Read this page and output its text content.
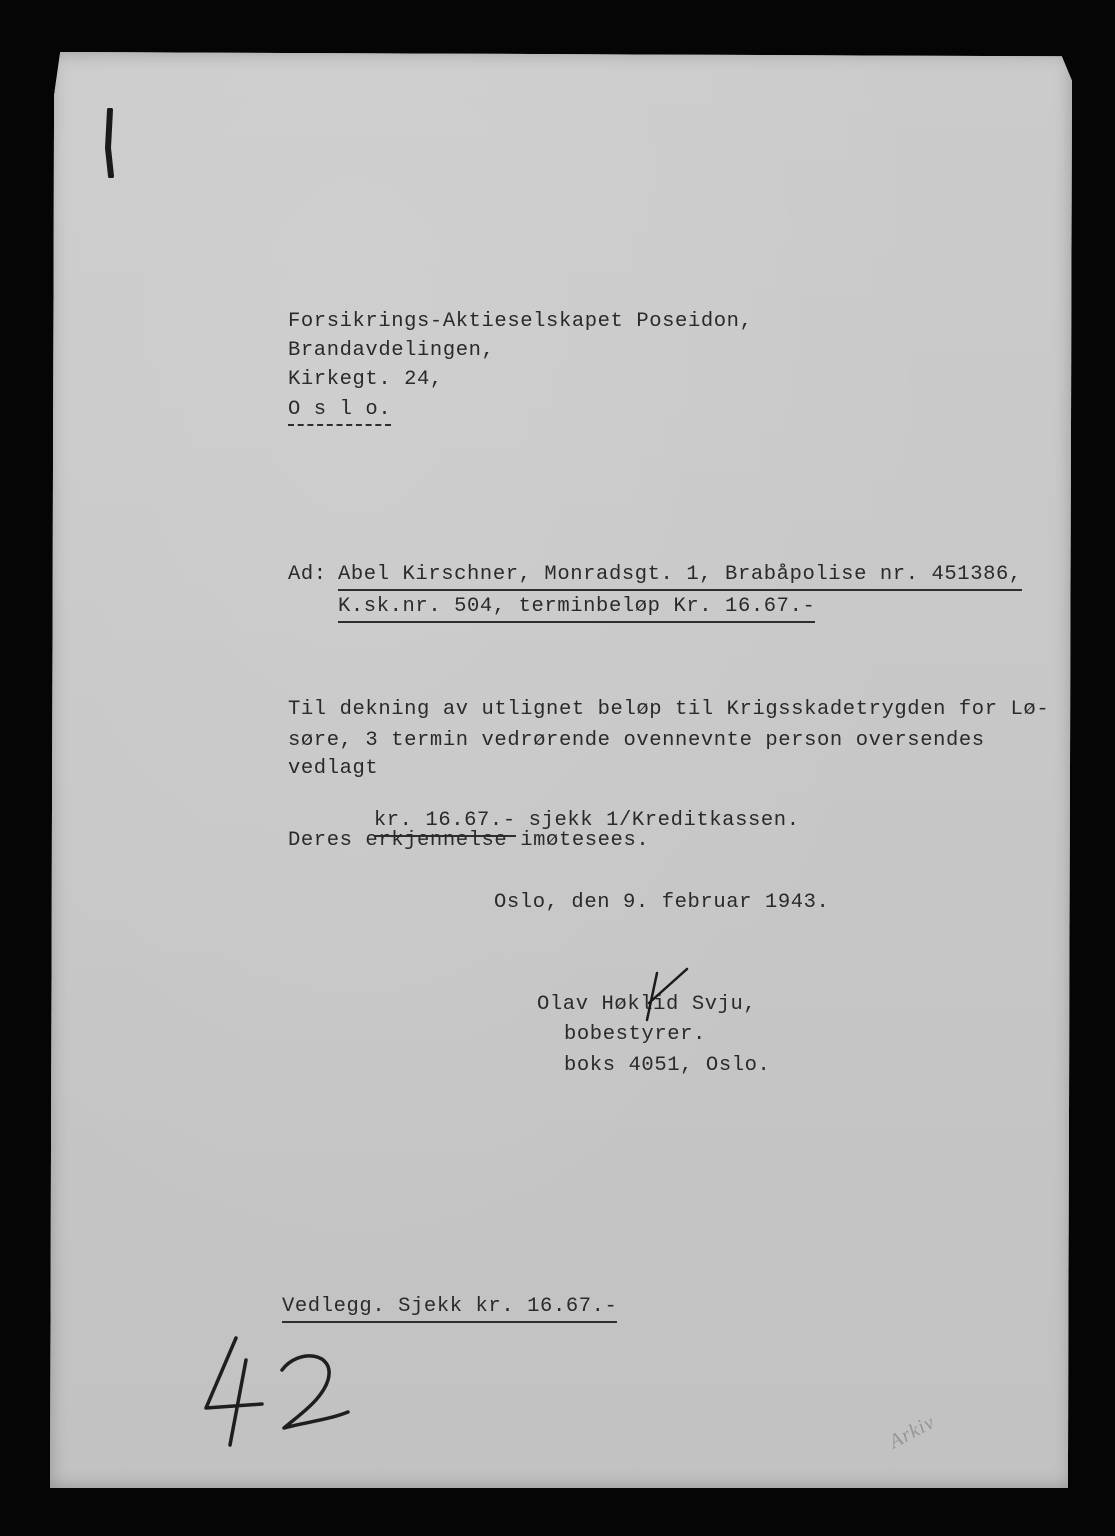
Forsikrings-Aktieselskapet Poseidon,
Brandavdelingen,
Kirkegt. 24,
O s l o.
Ad: Abel Kirschner, Monradsgt. 1, Brabåpolise nr. 451386,
K.sk.nr. 504, terminbeløp Kr. 16.67.-
Til dekning av utlignet beløp til Krigsskadetrygden for Lø-
søre, 3 termin vedrørende ovennevnte person oversendes
vedlagt

kr. 16.67.- sjekk 1/Kreditkassen.

Deres erkjennelse imøtesees.
Oslo, den 9. februar 1943.
Olav Høklid Svju,
bobestyrer.
boks 4051, Oslo.
Vedlegg. Sjekk kr. 16.67.-
Arkiv
